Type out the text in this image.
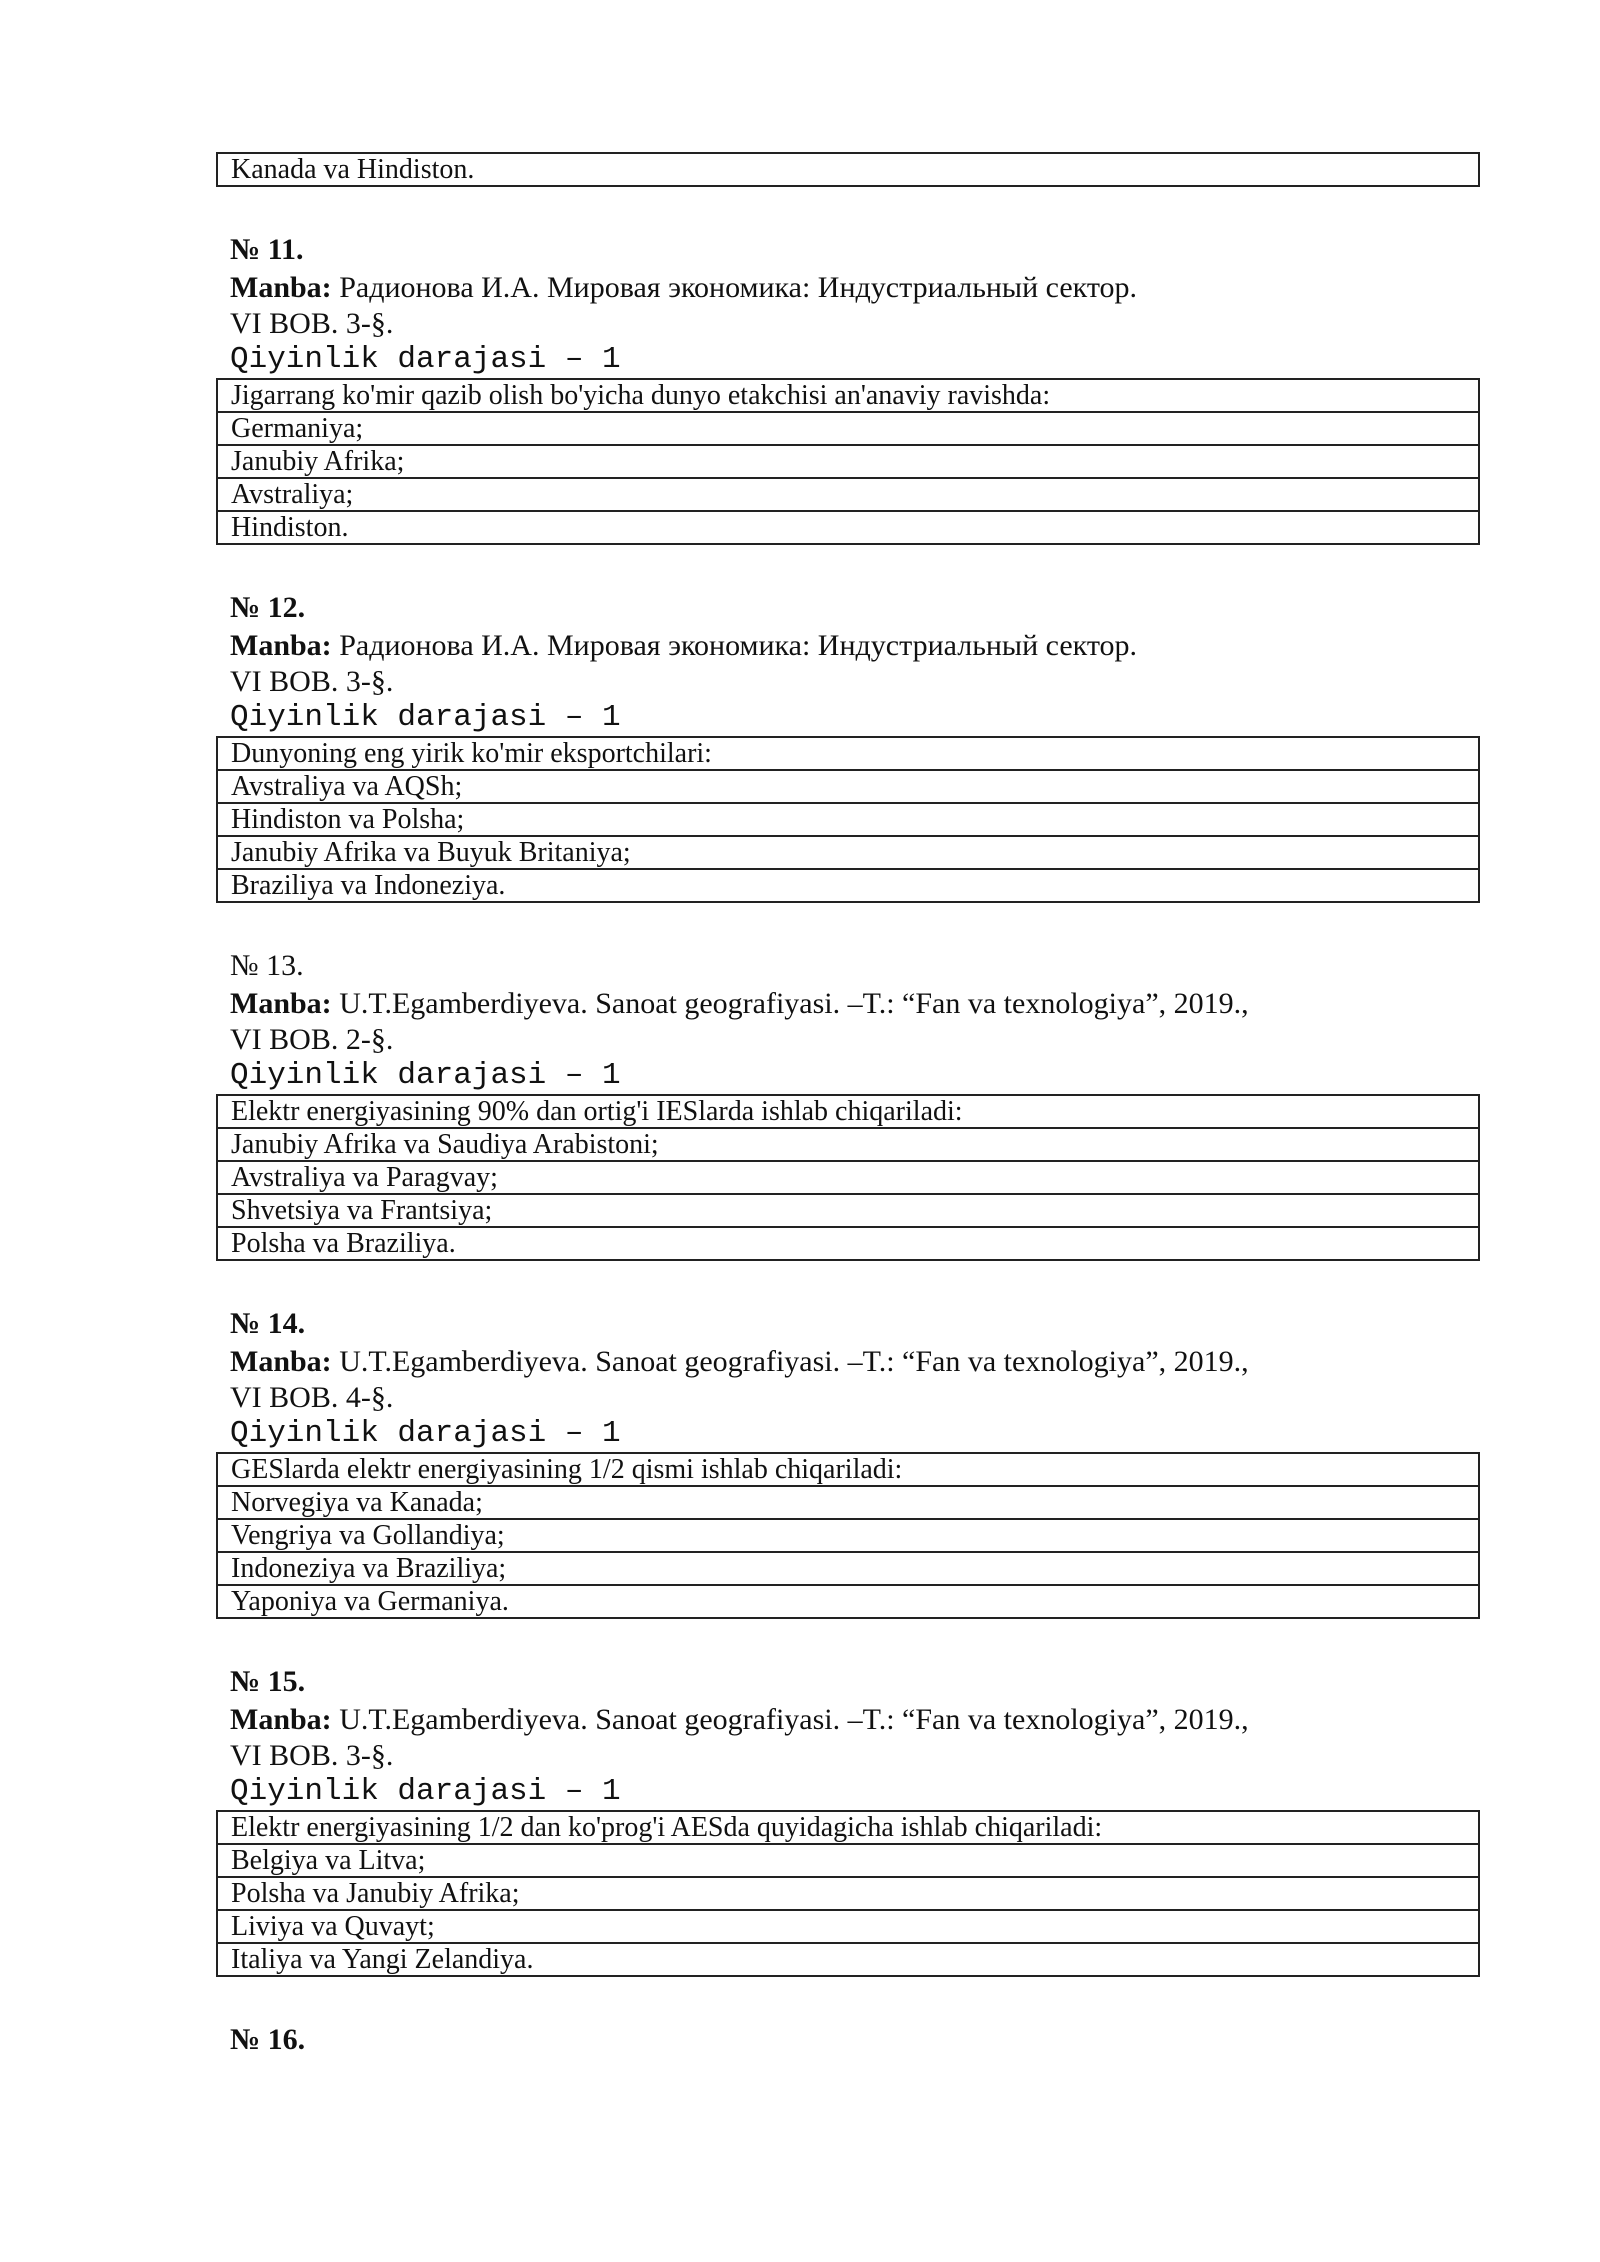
Kanada va Hindiston.
№ 11.
Manba: Радионова И.А. Мировая экономика: Индустриальный сектор.
VI BOB. 3-§.
Qiyinlik darajasi – 1
Jigarrang ko'mir qazib olish bo'yicha dunyo etakchisi an'anaviy ravishda:
Germaniya;
Janubiy Afrika;
Avstraliya;
Hindiston.
№ 12.
Manba: Радионова И.А. Мировая экономика: Индустриальный сектор.
VI BOB. 3-§.
Qiyinlik darajasi – 1
Dunyoning eng yirik ko'mir eksportchilari:
Avstraliya va AQSh;
Hindiston va Polsha;
Janubiy Afrika va Buyuk Britaniya;
Braziliya va Indoneziya.
№ 13.
Manba: U.T.Egamberdiyeva. Sanoat geografiyasi. –T.: “Fan va texnologiya”, 2019.,
VI BOB. 2-§.
Qiyinlik darajasi – 1
Elektr energiyasining 90% dan ortig'i IESlarda ishlab chiqariladi:
Janubiy Afrika va Saudiya Arabistoni;
Avstraliya va Paragvay;
Shvetsiya va Frantsiya;
Polsha va Braziliya.
№ 14.
Manba: U.T.Egamberdiyeva. Sanoat geografiyasi. –T.: “Fan va texnologiya”, 2019.,
VI BOB. 4-§.
Qiyinlik darajasi – 1
GESlarda elektr energiyasining 1/2 qismi ishlab chiqariladi:
Norvegiya va Kanada;
Vengriya va Gollandiya;
Indoneziya va Braziliya;
Yaponiya va Germaniya.
№ 15.
Manba: U.T.Egamberdiyeva. Sanoat geografiyasi. –T.: “Fan va texnologiya”, 2019.,
VI BOB. 3-§.
Qiyinlik darajasi – 1
Elektr energiyasining 1/2 dan ko'prog'i AESda quyidagicha ishlab chiqariladi:
Belgiya va Litva;
Polsha va Janubiy Afrika;
Liviya va Quvayt;
Italiya va Yangi Zelandiya.
№ 16.
